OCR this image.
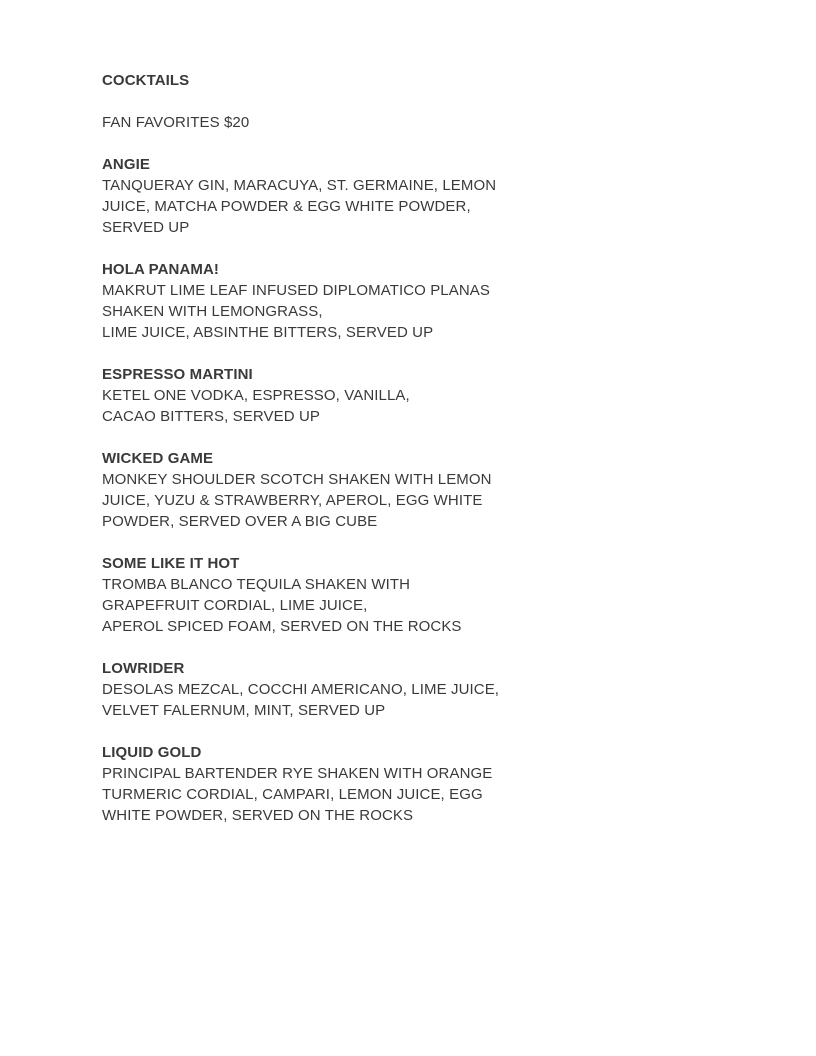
COCKTAILS
FAN FAVORITES $20
ANGIE
TANQUERAY GIN, MARACUYA, ST. GERMAINE, LEMON
JUICE, MATCHA POWDER & EGG WHITE POWDER,
SERVED UP
HOLA PANAMA!
MAKRUT LIME LEAF INFUSED DIPLOMATICO PLANAS
SHAKEN WITH LEMONGRASS,
LIME JUICE, ABSINTHE BITTERS, SERVED UP
ESPRESSO MARTINI
KETEL ONE VODKA, ESPRESSO, VANILLA,
CACAO BITTERS, SERVED UP
WICKED GAME
MONKEY SHOULDER SCOTCH SHAKEN WITH LEMON
JUICE, YUZU & STRAWBERRY, APEROL, EGG WHITE
POWDER, SERVED OVER A BIG CUBE
SOME LIKE IT HOT
TROMBA BLANCO TEQUILA SHAKEN WITH
GRAPEFRUIT CORDIAL, LIME JUICE,
APEROL SPICED FOAM, SERVED ON THE ROCKS
LOWRIDER
DESOLAS MEZCAL, COCCHI AMERICANO, LIME JUICE,
VELVET FALERNUM, MINT, SERVED UP
LIQUID GOLD
PRINCIPAL BARTENDER RYE SHAKEN WITH ORANGE
TURMERIC CORDIAL, CAMPARI, LEMON JUICE, EGG
WHITE POWDER, SERVED ON THE ROCKS
